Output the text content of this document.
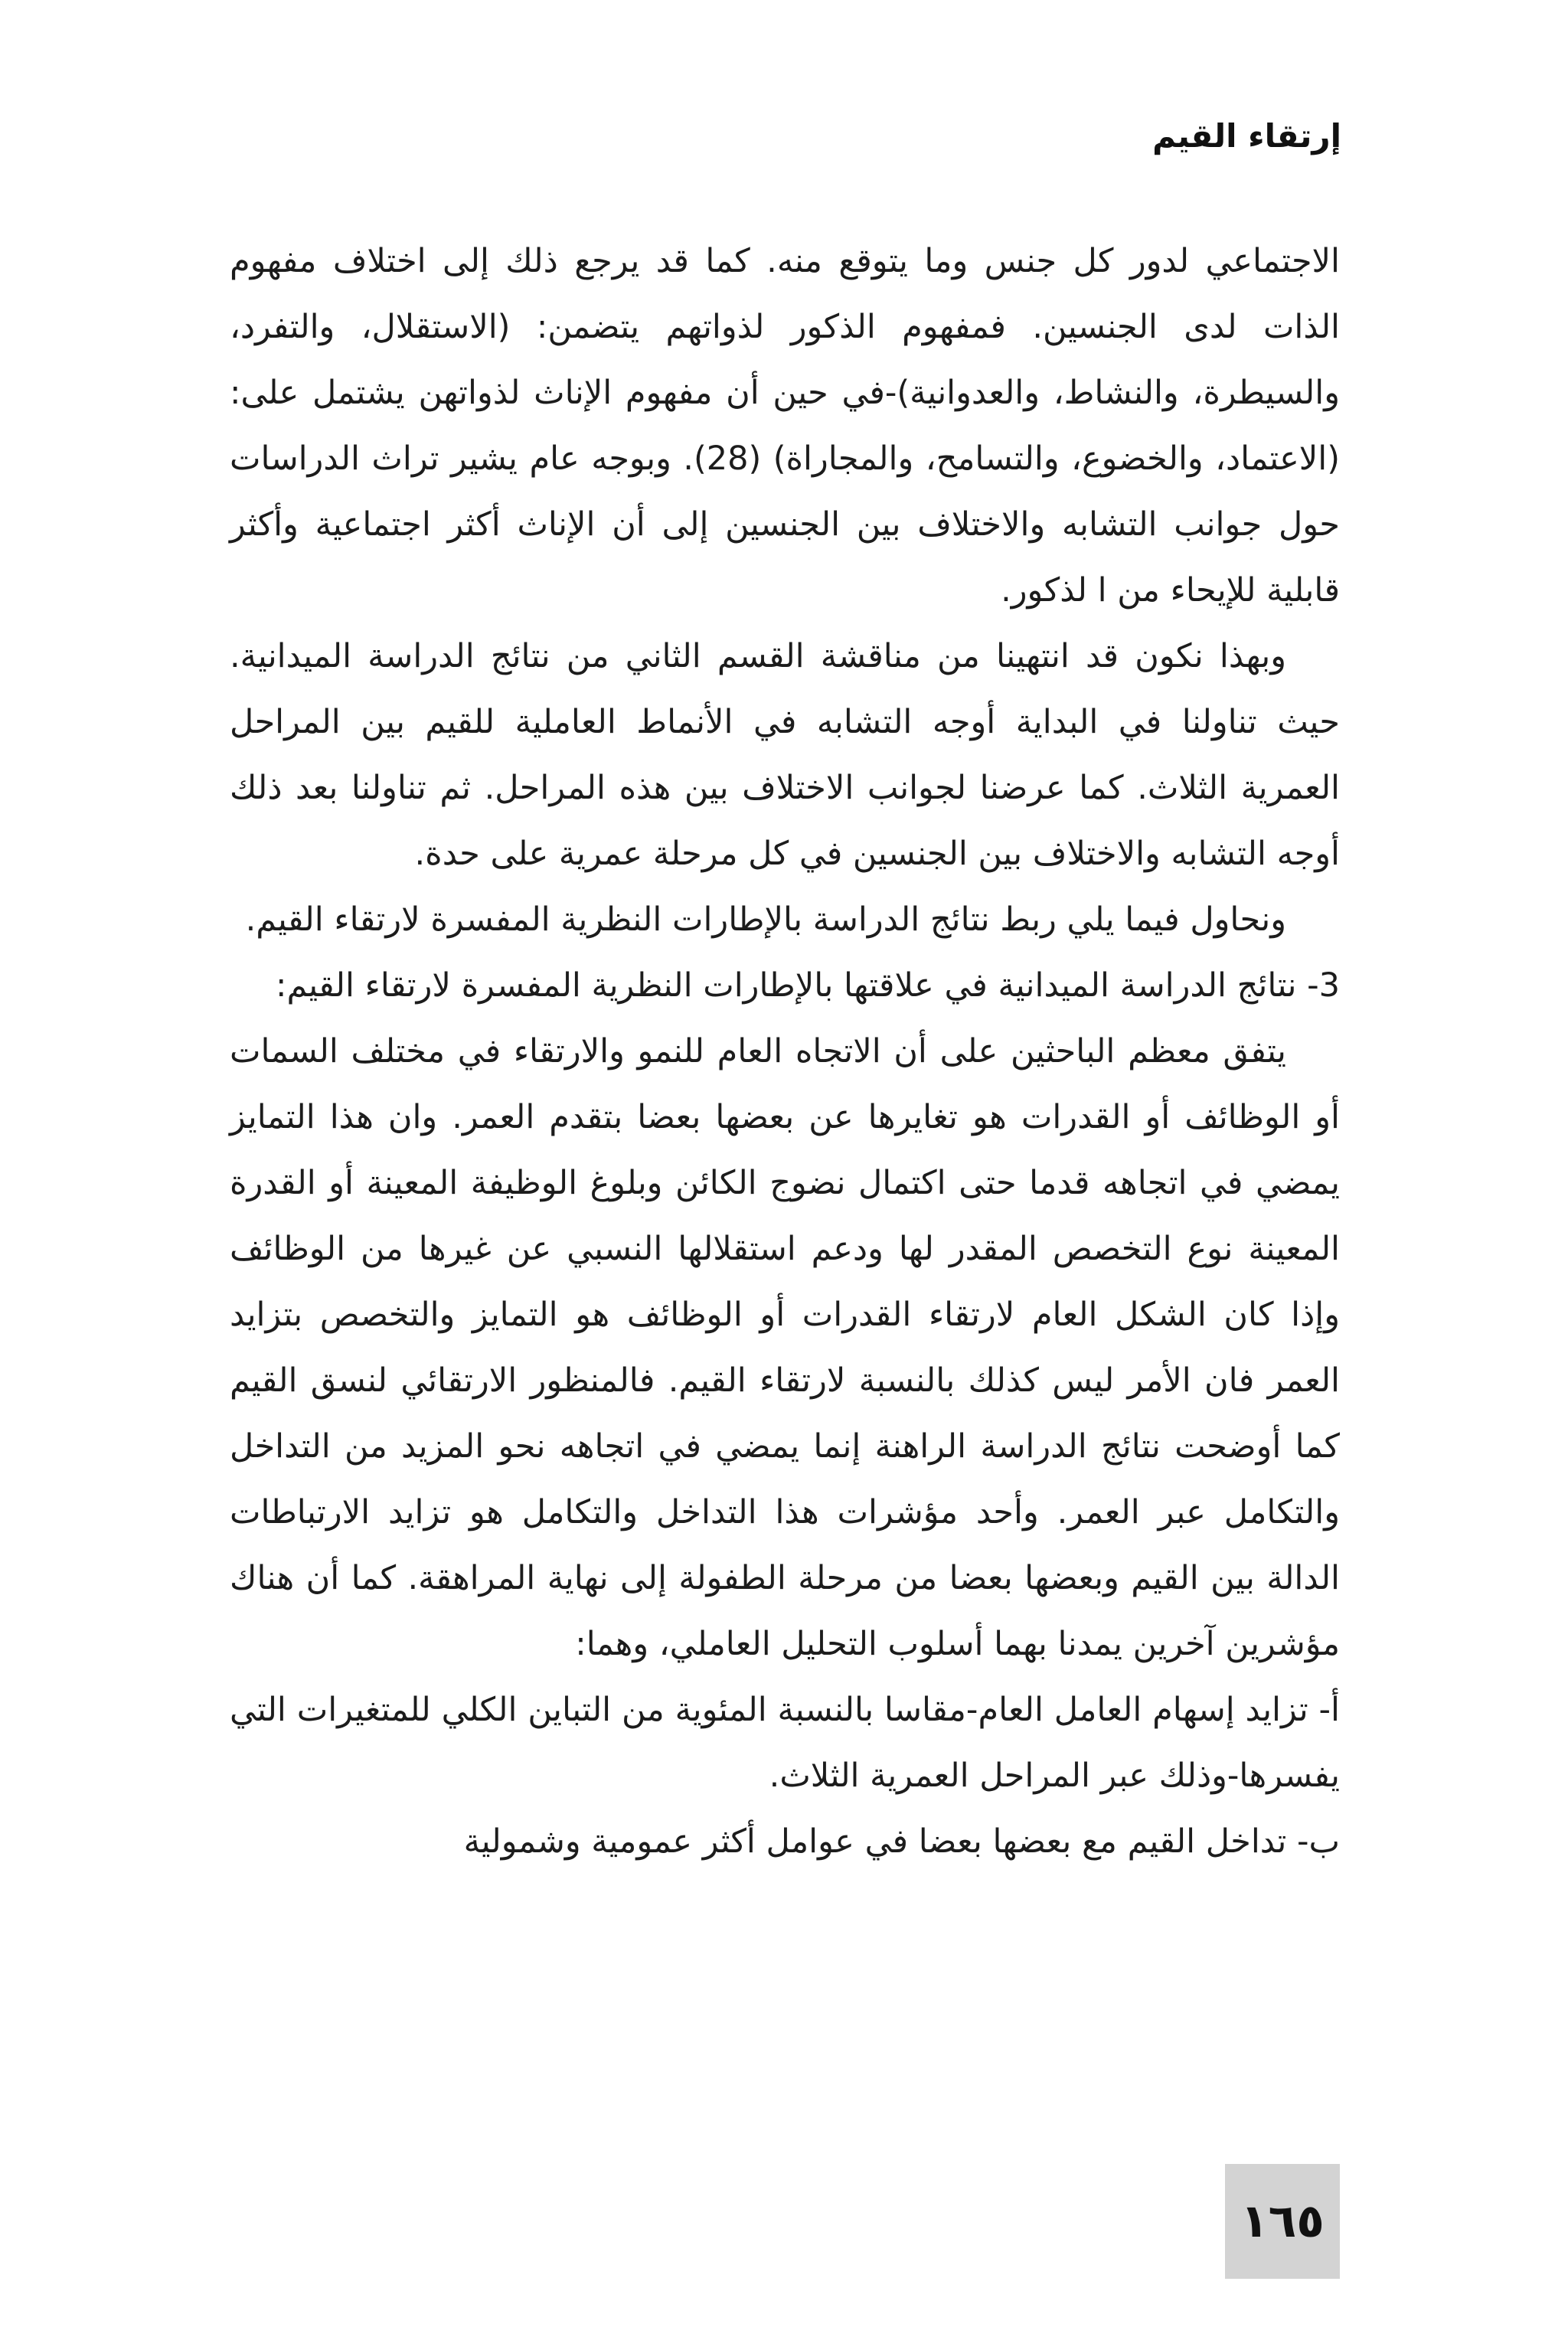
إرتقاء القيم

الاجتماعي لدور كل جنس وما يتوقع منه. كما قد يرجع ذلك إلى اختلاف مفهوم الذات لدى الجنسين. فمفهوم الذكور لذواتهم يتضمن: (الاستقلال، والتفرد، والسيطرة، والنشاط، والعدوانية)-في حين أن مفهوم الإناث لذواتهن يشتمل على: (الاعتماد، والخضوع، والتسامح، والمجاراة) (28). وبوجه عام يشير تراث الدراسات حول جوانب التشابه والاختلاف بين الجنسين إلى أن الإناث أكثر اجتماعية وأكثر قابلية للإيحاء من ا لذكور.

وبهذا نكون قد انتهينا من مناقشة القسم الثاني من نتائج الدراسة الميدانية. حيث تناولنا في البداية أوجه التشابه في الأنماط العاملية للقيم بين المراحل العمرية الثلاث. كما عرضنا لجوانب الاختلاف بين هذه المراحل. ثم تناولنا بعد ذلك أوجه التشابه والاختلاف بين الجنسين في كل مرحلة عمرية على حدة.

ونحاول فيما يلي ربط نتائج الدراسة بالإطارات النظرية المفسرة لارتقاء القيم.

3- نتائج الدراسة الميدانية في علاقتها بالإطارات النظرية المفسرة لارتقاء القيم:

يتفق معظم الباحثين على أن الاتجاه العام للنمو والارتقاء في مختلف السمات أو الوظائف أو القدرات هو تغايرها عن بعضها بعضا بتقدم العمر. وان هذا التمايز يمضي في اتجاهه قدما حتى اكتمال نضوج الكائن وبلوغ الوظيفة المعينة أو القدرة المعينة نوع التخصص المقدر لها ودعم استقلالها النسبي عن غيرها من الوظائف وإذا كان الشكل العام لارتقاء القدرات أو الوظائف هو التمايز والتخصص بتزايد العمر فان الأمر ليس كذلك بالنسبة لارتقاء القيم. فالمنظور الارتقائي لنسق القيم كما أوضحت نتائج الدراسة الراهنة إنما يمضي في اتجاهه نحو المزيد من التداخل والتكامل عبر العمر. وأحد مؤشرات هذا التداخل والتكامل هو تزايد الارتباطات الدالة بين القيم وبعضها بعضا من مرحلة الطفولة إلى نهاية المراهقة. كما أن هناك مؤشرين آخرين يمدنا بهما أسلوب التحليل العاملي، وهما:

أ- تزايد إسهام العامل العام-مقاسا بالنسبة المئوية من التباين الكلي للمتغيرات التي يفسرها-وذلك عبر المراحل العمرية الثلاث.

ب- تداخل القيم مع بعضها بعضا في عوامل أكثر عمومية وشمولية

١٦٥
